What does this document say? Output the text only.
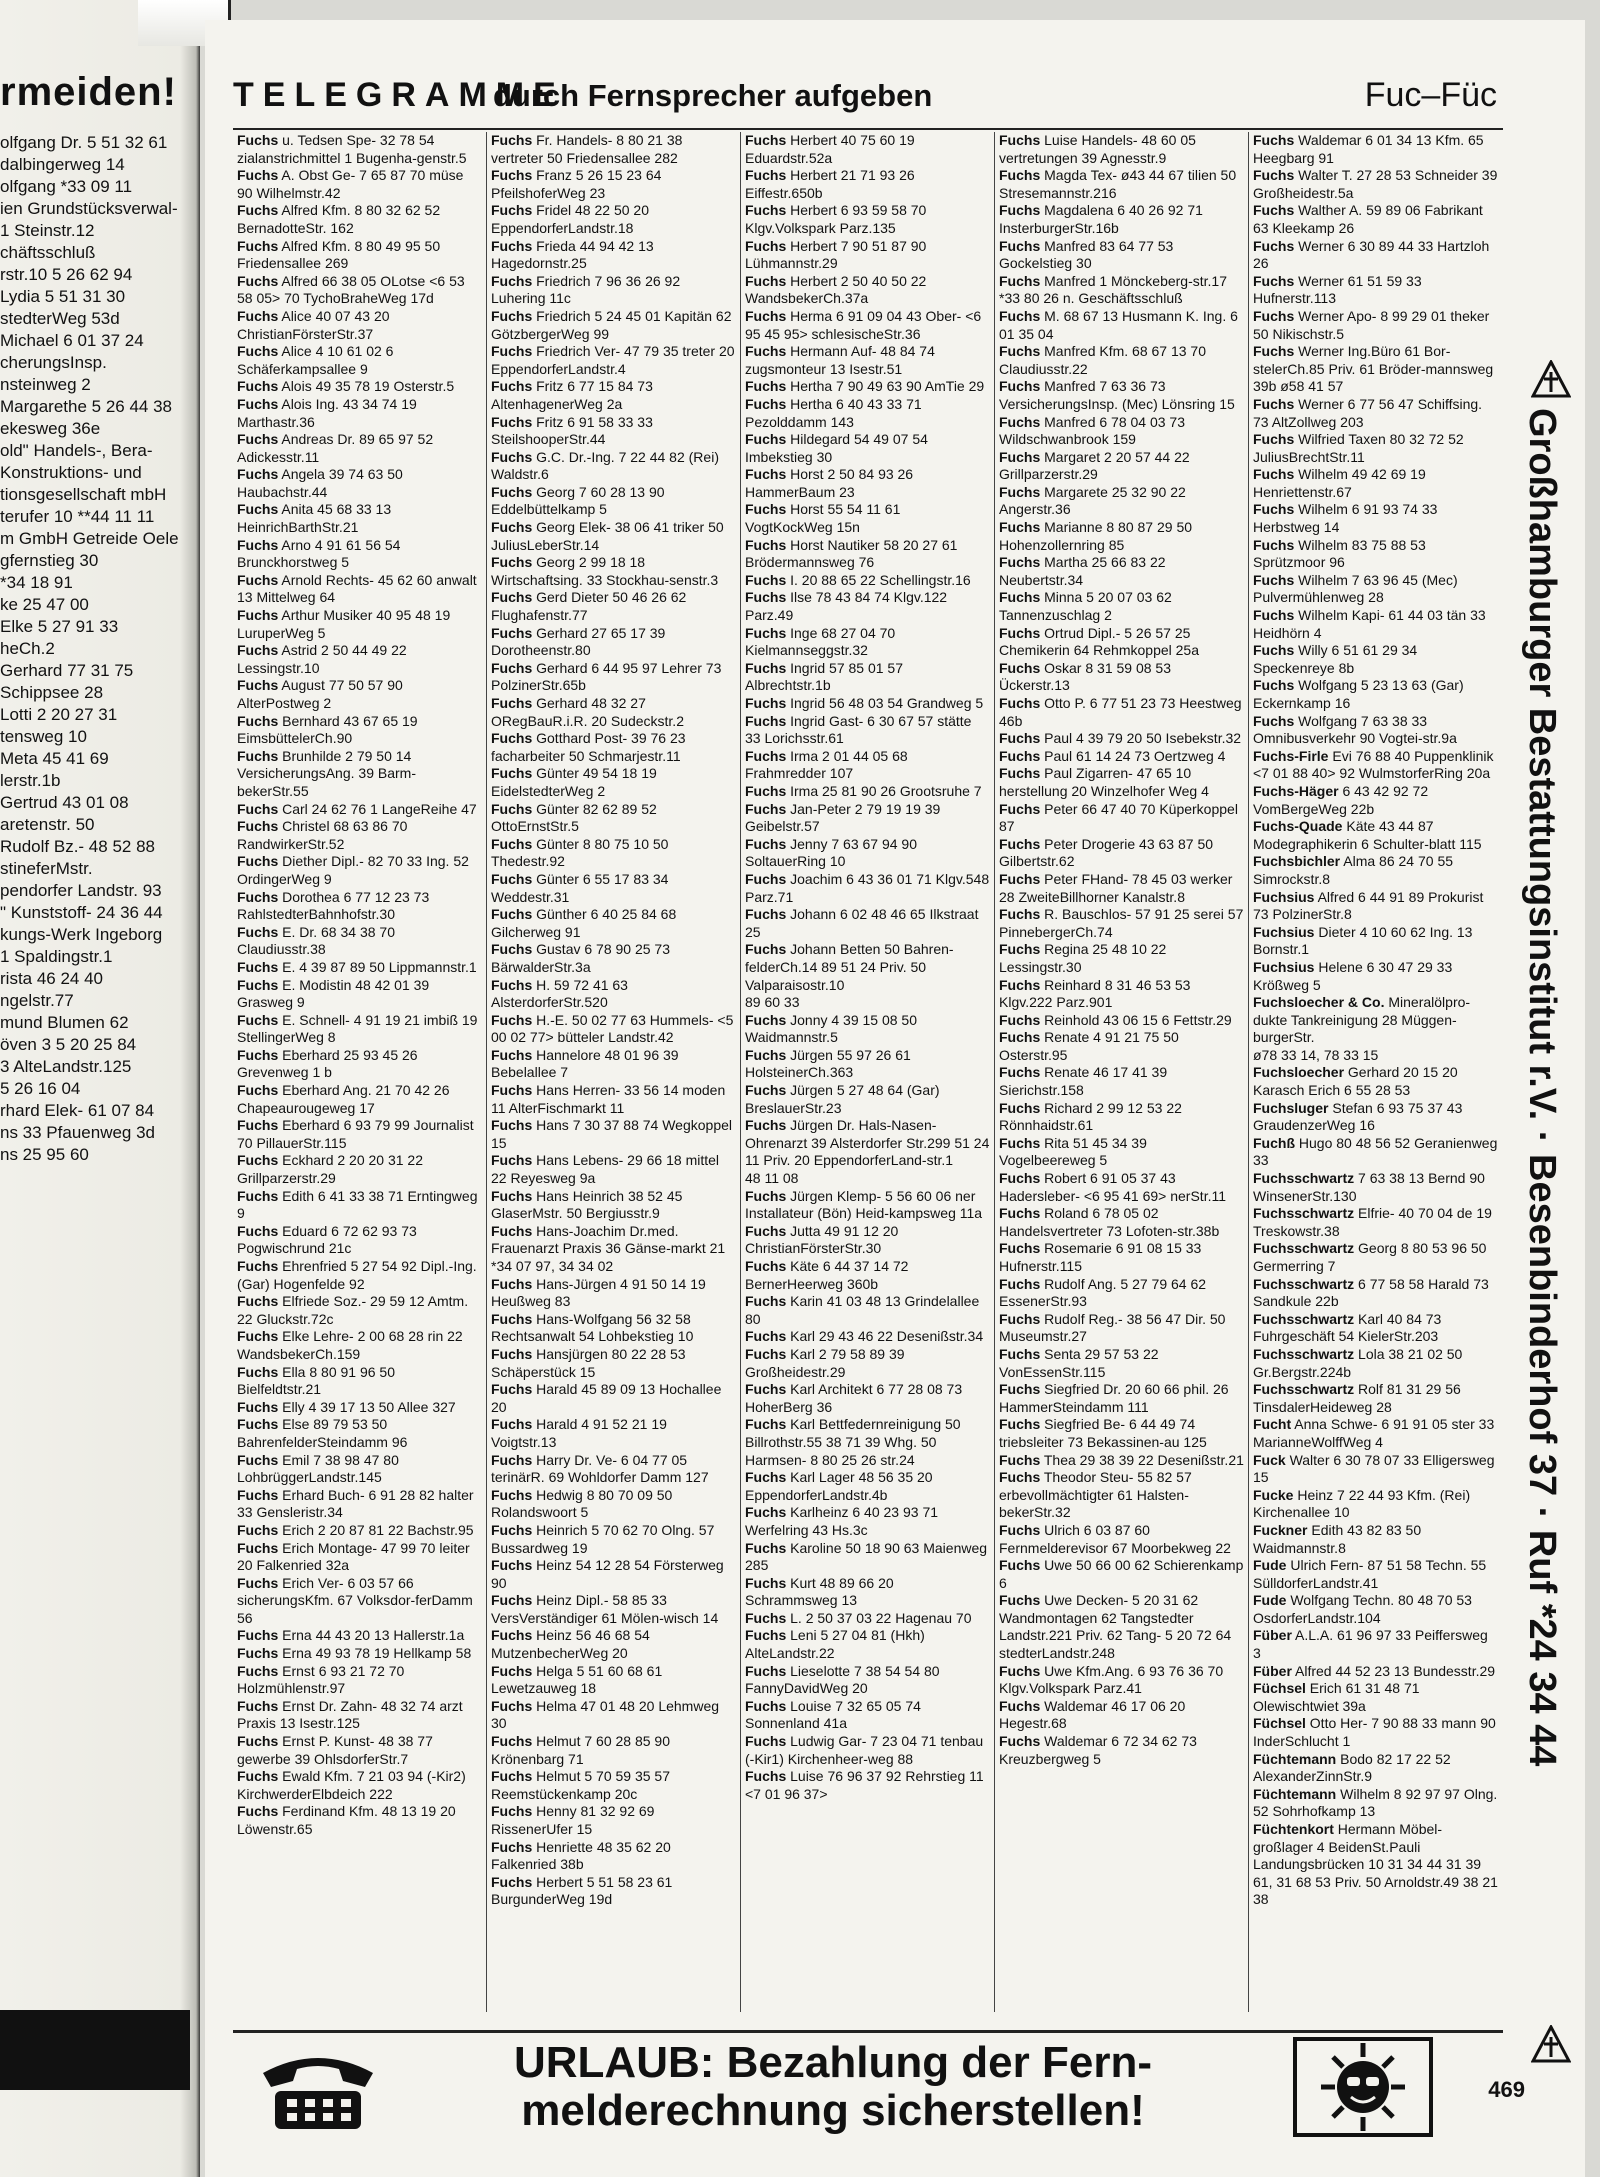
rmeiden!
olfgang Dr. 5 51 32 61
dalbingerweg 14
olfgang *33 09 11
ien Grundstücksverwal-
1 Steinstr.12
chäftsschluß
rstr.10 5 26 62 94
Lydia 5 51 31 30
stedterWeg 53d
Michael 6 01 37 24
cherungsInsp.
nsteinweg 2
Margarethe 5 26 44 38
ekesweg 36e
old" Handels-, Bera-
Konstruktions- und
tionsgesellschaft mbH
terufer 10 **44 11 11
m GmbH Getreide Oele
gfernstieg 30
*34 18 91
ke 25 47 00
Elke 5 27 91 33
heCh.2
Gerhard 77 31 75
Schippsee 28
Lotti 2 20 27 31
tensweg 10
Meta 45 41 69
lerstr.1b
Gertrud 43 01 08
aretenstr. 50
Rudolf Bz.- 48 52 88
stineferMstr.
pendorfer Landstr. 93
" Kunststoff- 24 36 44
kungs-Werk Ingeborg
1 Spaldingstr.1
rista 46 24 40
ngelstr.77
mund Blumen 62
öven 3 5 20 25 84
3 AlteLandstr.125
5 26 16 04
rhard Elek- 61 07 84
ns 33 Pfauenweg 3d
ns 25 95 60
TELEGRAMME
durch Fernsprecher aufgeben	Fuc–Füc
Fuchs u. Tedsen Spe- 32 78 54 zialanstrichmittel 1 Bugenha-genstr.5
Fuchs A. Obst Ge- 7 65 87 70 müse 90 Wilhelmstr.42
Fuchs Alfred Kfm. 8 80 32 62 52 BernadotteStr. 162
Fuchs Alfred Kfm. 8 80 49 95 50 Friedensallee 269
Fuchs Alfred 66 38 05 OLotse <6 53 58 05> 70 TychoBraheWeg 17d
Fuchs Alice 40 07 43 20 ChristianFörsterStr.37
Fuchs Alice 4 10 61 02 6 Schäferkampsallee 9
Fuchs Alois 49 35 78 19 Osterstr.5
Fuchs Alois Ing. 43 34 74 19 Marthastr.36
Fuchs Andreas Dr. 89 65 97 52 Adickesstr.11
Fuchs Angela 39 74 63 50 Haubachstr.44
Fuchs Anita 45 68 33 13 HeinrichBarthStr.21
Fuchs Arno 4 91 61 56 54 Brunckhorstweg 5
Fuchs Arnold Rechts- 45 62 60 anwalt 13 Mittelweg 64
Fuchs Arthur Musiker 40 95 48 19 LuruperWeg 5
Fuchs Astrid 2 50 44 49 22 Lessingstr.10
Fuchs August 77 50 57 90 AlterPostweg 2
Fuchs Bernhard 43 67 65 19 EimsbüttelerCh.90
Fuchs Brunhilde 2 79 50 14 VersicherungsAng. 39 Barm-bekerStr.55
Fuchs Carl 24 62 76 1 LangeReihe 47
Fuchs Christel 68 63 86 70 RandwirkerStr.52
Fuchs Diether Dipl.- 82 70 33 Ing. 52 OrdingerWeg 9
Fuchs Dorothea 6 77 12 23 73 RahlstedterBahnhofstr.30
Fuchs E. Dr. 68 34 38 70 Claudiusstr.38
Fuchs E. 4 39 87 89 50 Lippmannstr.1
Fuchs E. Modistin 48 42 01 39 Grasweg 9
Fuchs E. Schnell- 4 91 19 21 imbiß 19 StellingerWeg 8
Fuchs Eberhard 25 93 45 26 Grevenweg 1 b
Fuchs Eberhard Ang. 21 70 42 26 Chapeaurougeweg 17
Fuchs Eberhard 6 93 79 99 Journalist 70 PillauerStr.115
Fuchs Eckhard 2 20 20 31 22 Grillparzerstr.29
Fuchs Edith 6 41 33 38 71 Erntingweg 9
Fuchs Eduard 6 72 62 93 73 Pogwischrund 21c
Fuchs Ehrenfried 5 27 54 92 Dipl.-Ing. (Gar) Hogenfelde 92
Fuchs Elfriede Soz.- 29 59 12 Amtm. 22 Gluckstr.72c
Fuchs Elke Lehre- 2 00 68 28 rin 22 WandsbekerCh.159
Fuchs Ella 8 80 91 96 50 Bielfeldtstr.21
Fuchs Elly 4 39 17 13 50 Allee 327
Fuchs Else 89 79 53 50 BahrenfelderSteindamm 96
Fuchs Emil 7 38 98 47 80 LohbrüggerLandstr.145
Fuchs Erhard Buch- 6 91 28 82 halter 33 Gensleristr.34
Fuchs Erich 2 20 87 81 22 Bachstr.95
Fuchs Erich Montage- 47 99 70 leiter 20 Falkenried 32a
Fuchs Erich Ver- 6 03 57 66 sicherungsKfm. 67 Volksdor-ferDamm 56
Fuchs Erna 44 43 20 13 Hallerstr.1a
Fuchs Erna 49 93 78 19 Hellkamp 58
Fuchs Ernst 6 93 21 72 70 Holzmühlenstr.97
Fuchs Ernst Dr. Zahn- 48 32 74 arzt Praxis 13 Isestr.125
Fuchs Ernst P. Kunst- 48 38 77 gewerbe 39 OhlsdorferStr.7
Fuchs Ewald Kfm. 7 21 03 94 (-Kir2) KirchwerderElbdeich 222
Fuchs Ferdinand Kfm. 48 13 19 20 Löwenstr.65
Fuchs Fr. Handels- 8 80 21 38 vertreter 50 Friedensallee 282
Fuchs Franz 5 26 15 23 64 PfeilshoferWeg 23
Fuchs Fridel 48 22 50 20 EppendorferLandstr.18
Fuchs Frieda 44 94 42 13 Hagedornstr.25
Fuchs Friedrich 7 96 36 26 92 Luhering 11c
Fuchs Friedrich 5 24 45 01 Kapitän 62 GötzbergerWeg 99
Fuchs Friedrich Ver- 47 79 35 treter 20 EppendorferLandstr.4
Fuchs Fritz 6 77 15 84 73 AltenhagenerWeg 2a
Fuchs Fritz 6 91 58 33 33 SteilshooperStr.44
Fuchs G.C. Dr.-Ing. 7 22 44 82 (Rei) Waldstr.6
Fuchs Georg 7 60 28 13 90 Eddelbüttelkamp 5
Fuchs Georg Elek- 38 06 41 triker 50 JuliusLeberStr.14
Fuchs Georg 2 99 18 18 Wirtschaftsing. 33 Stockhau-senstr.3
Fuchs Gerd Dieter 50 46 26 62 Flughafenstr.77
Fuchs Gerhard 27 65 17 39 Dorotheenstr.80
Fuchs Gerhard 6 44 95 97 Lehrer 73 PolzinerStr.65b
Fuchs Gerhard 48 32 27 ORegBauR.i.R. 20 Sudeckstr.2
Fuchs Gotthard Post- 39 76 23 facharbeiter 50 Schmarjestr.11
Fuchs Günter 49 54 18 19 EidelstedterWeg 2
Fuchs Günter 82 62 89 52 OttoErnstStr.5
Fuchs Günter 8 80 75 10 50 Thedestr.92
Fuchs Günter 6 55 17 83 34 Weddestr.31
Fuchs Günther 6 40 25 84 68 Gilcherweg 91
Fuchs Gustav 6 78 90 25 73 BärwalderStr.3a
Fuchs H. 59 72 41 63 AlsterdorferStr.520
Fuchs H.-E. 50 02 77 63 Hummels- <5 00 02 77> bütteler Landstr.42
Fuchs Hannelore 48 01 96 39 Bebelallee 7
Fuchs Hans Herren- 33 56 14 moden 11 AlterFischmarkt 11
Fuchs Hans 7 30 37 88 74 Wegkoppel 15
Fuchs Hans Lebens- 29 66 18 mittel 22 Reyesweg 9a
Fuchs Hans Heinrich 38 52 45 GlaserMstr. 50 Bergiusstr.9
Fuchs Hans-Joachim Dr.med. Frauenarzt Praxis 36 Gänse-markt 21
*34 07 97, 34 34 02
Fuchs Hans-Jürgen 4 91 50 14 19 Heußweg 83
Fuchs Hans-Wolfgang 56 32 58 Rechtsanwalt 54 Lohbekstieg 10
Fuchs Hansjürgen 80 22 28 53 Schäperstück 15
Fuchs Harald 45 89 09 13 Hochallee 20
Fuchs Harald 4 91 52 21 19 Voigtstr.13
Fuchs Harry Dr. Ve- 6 04 77 05 terinärR. 69 Wohldorfer Damm 127
Fuchs Hedwig 8 80 70 09 50 Rolandswoort 5
Fuchs Heinrich 5 70 62 70 Olng. 57 Bussardweg 19
Fuchs Heinz 54 12 28 54 Försterweg 90
Fuchs Heinz Dipl.- 58 85 33 VersVerständiger 61 Mölen-wisch 14
Fuchs Heinz 56 46 68 54 MutzenbecherWeg 20
Fuchs Helga 5 51 60 68 61 Lewetzauweg 18
Fuchs Helma 47 01 48 20 Lehmweg 30
Fuchs Helmut 7 60 28 85 90 Krönenbarg 71
Fuchs Helmut 5 70 59 35 57 Reemstückenkamp 20c
Fuchs Henny 81 32 92 69 RissenerUfer 15
Fuchs Henriette 48 35 62 20 Falkenried 38b
Fuchs Herbert 5 51 58 23 61 BurgunderWeg 19d
Fuchs Herbert 40 75 60 19 Eduardstr.52a
Fuchs Herbert 21 71 93 26 Eiffestr.650b
Fuchs Herbert 6 93 59 58 70 Klgv.Volkspark Parz.135
Fuchs Herbert 7 90 51 87 90 Lühmannstr.29
Fuchs Herbert 2 50 40 50 22 WandsbekerCh.37a
Fuchs Herma 6 91 09 04 43 Ober- <6 95 45 95> schlesischeStr.36
Fuchs Hermann Auf- 48 84 74 zugsmonteur 13 Isestr.51
Fuchs Hertha 7 90 49 63 90 AmTie 29
Fuchs Hertha 6 40 43 33 71 Pezolddamm 143
Fuchs Hildegard 54 49 07 54 Imbekstieg 30
Fuchs Horst 2 50 84 93 26 HammerBaum 23
Fuchs Horst 55 54 11 61 VogtKockWeg 15n
Fuchs Horst Nautiker 58 20 27 61 Brödermannsweg 76
Fuchs I. 20 88 65 22 Schellingstr.16
Fuchs Ilse 78 43 84 74 Klgv.122 Parz.49
Fuchs Inge 68 27 04 70 Kielmannseggstr.32
Fuchs Ingrid 57 85 01 57 Albrechtstr.1b
Fuchs Ingrid 56 48 03 54 Grandweg 5
Fuchs Ingrid Gast- 6 30 67 57 stätte 33 Lorichsstr.61
Fuchs Irma 2 01 44 05 68 Frahmredder 107
Fuchs Irma 25 81 90 26 Grootsruhe 7
Fuchs Jan-Peter 2 79 19 19 39 Geibelstr.57
Fuchs Jenny 7 63 67 94 90 SoltauerRing 10
Fuchs Joachim 6 43 36 01 71 Klgv.548 Parz.71
Fuchs Johann 6 02 48 46 65 Ilkstraat 25
Fuchs Johann Betten 50 Bahren-felderCh.14 89 51 24 Priv. 50 Valparaisostr.10
89 60 33
Fuchs Jonny 4 39 15 08 50 Waidmannstr.5
Fuchs Jürgen 55 97 26 61 HolsteinerCh.363
Fuchs Jürgen 5 27 48 64 (Gar) BreslauerStr.23
Fuchs Jürgen Dr. Hals-Nasen-Ohrenarzt 39 Alsterdorfer Str.299 51 24 11 Priv. 20 EppendorferLand-str.1
48 11 08
Fuchs Jürgen Klemp- 5 56 60 06 ner Installateur (Bön) Heid-kampsweg 11a
Fuchs Jutta 49 91 12 20 ChristianFörsterStr.30
Fuchs Käte 6 44 37 14 72 BernerHeerweg 360b
Fuchs Karin 41 03 48 13 Grindelallee 80
Fuchs Karl 29 43 46 22 Desenißstr.34
Fuchs Karl 2 79 58 89 39 Großheidestr.29
Fuchs Karl Architekt 6 77 28 08 73 HoherBerg 36
Fuchs Karl Bettfedernreinigung 50 Billrothstr.55 38 71 39 Whg. 50 Harmsen- 8 80 25 26 str.24
Fuchs Karl Lager 48 56 35 20 EppendorferLandstr.4b
Fuchs Karlheinz 6 40 23 93 71 Werfelring 43 Hs.3c
Fuchs Karoline 50 18 90 63 Maienweg 285
Fuchs Kurt 48 89 66 20 Schrammsweg 13
Fuchs L. 2 50 37 03 22 Hagenau 70
Fuchs Leni 5 27 04 81 (Hkh) AlteLandstr.22
Fuchs Lieselotte 7 38 54 54 80 FannyDavidWeg 20
Fuchs Louise 7 32 65 05 74 Sonnenland 41a
Fuchs Ludwig Gar- 7 23 04 71 tenbau (-Kir1) Kirchenheer-weg 88
Fuchs Luise 76 96 37 92 Rehrstieg 11 <7 01 96 37>
Fuchs Luise Handels- 48 60 05 vertretungen 39 Agnesstr.9
Fuchs Magda Tex- ø43 44 67 tilien 50 Stresemannstr.216
Fuchs Magdalena 6 40 26 92 71 InsterburgerStr.16b
Fuchs Manfred 83 64 77 53 Gockelstieg 30
Fuchs Manfred 1 Mönckeberg-str.17 *33 80 26 n. Geschäftsschluß
Fuchs M. 68 67 13 Husmann K. Ing. 6 01 35 04
Fuchs Manfred Kfm. 68 67 13 70 Claudiusstr.22
Fuchs Manfred 7 63 36 73 VersicherungsInsp. (Mec) Lönsring 15
Fuchs Manfred 6 78 04 03 73 Wildschwanbrook 159
Fuchs Margaret 2 20 57 44 22 Grillparzerstr.29
Fuchs Margarete 25 32 90 22 Angerstr.36
Fuchs Marianne 8 80 87 29 50 Hohenzollernring 85
Fuchs Martha 25 66 83 22 Neubertstr.34
Fuchs Minna 5 20 07 03 62 Tannenzuschlag 2
Fuchs Ortrud Dipl.- 5 26 57 25 Chemikerin 64 Rehmkoppel 25a
Fuchs Oskar 8 31 59 08 53 Ückerstr.13
Fuchs Otto P. 6 77 51 23 73 Heestweg 46b
Fuchs Paul 4 39 79 20 50 Isebekstr.32
Fuchs Paul 61 14 24 73 Oertzweg 4
Fuchs Paul Zigarren- 47 65 10 herstellung 20 Winzelhofer Weg 4
Fuchs Peter 66 47 40 70 Küperkoppel 87
Fuchs Peter Drogerie 43 63 87 50 Gilbertstr.62
Fuchs Peter FHand- 78 45 03 werker 28 ZweiteBillhorner Kanalstr.8
Fuchs R. Bauschlos- 57 91 25 serei 57 PinnebergerCh.74
Fuchs Regina 25 48 10 22 Lessingstr.30
Fuchs Reinhard 8 31 46 53 53 Klgv.222 Parz.901
Fuchs Reinhold 43 06 15 6 Fettstr.29
Fuchs Renate 4 91 21 75 50 Osterstr.95
Fuchs Renate 46 17 41 39 Sierichstr.158
Fuchs Richard 2 99 12 53 22 Rönnhaidstr.61
Fuchs Rita 51 45 34 39 Vogelbeereweg 5
Fuchs Robert 6 91 05 37 43 Hadersleber- <6 95 41 69> nerStr.11
Fuchs Roland 6 78 05 02 Handelsvertreter 73 Lofoten-str.38b
Fuchs Rosemarie 6 91 08 15 33 Hufnerstr.115
Fuchs Rudolf Ang. 5 27 79 64 62 EssenerStr.93
Fuchs Rudolf Reg.- 38 56 47 Dir. 50 Museumstr.27
Fuchs Senta 29 57 53 22 VonEssenStr.115
Fuchs Siegfried Dr. 20 60 66 phil. 26 HammerSteindamm 111
Fuchs Siegfried Be- 6 44 49 74 triebsleiter 73 Bekassinen-au 125
Fuchs Thea 29 38 39 22 Desenißstr.21
Fuchs Theodor Steu- 55 82 57 erbevollmächtigter 61 Halsten-bekerStr.32
Fuchs Ulrich 6 03 87 60 Fernmelderevisor 67 Moorbekweg 22
Fuchs Uwe 50 66 00 62 Schierenkamp 6
Fuchs Uwe Decken- 5 20 31 62 Wandmontagen 62 Tangstedter Landstr.221 Priv. 62 Tang- 5 20 72 64 stedterLandstr.248
Fuchs Uwe Kfm.Ang. 6 93 76 36 70 Klgv.Volkspark Parz.41
Fuchs Waldemar 46 17 06 20 Hegestr.68
Fuchs Waldemar 6 72 34 62 73 Kreuzbergweg 5
Fuchs Waldemar 6 01 34 13 Kfm. 65 Heegbarg 91
Fuchs Walter T. 27 28 53 Schneider 39 Großheidestr.5a
Fuchs Walther A. 59 89 06 Fabrikant 63 Kleekamp 26
Fuchs Werner 6 30 89 44 33 Hartzloh 26
Fuchs Werner 61 51 59 33 Hufnerstr.113
Fuchs Werner Apo- 8 99 29 01 theker 50 Nikischstr.5
Fuchs Werner Ing.Büro 61 Bor-stelerCh.85 Priv. 61 Bröder-mannsweg 39b ø58 41 57
Fuchs Werner 6 77 56 47 Schiffsing. 73 AltZollweg 203
Fuchs Wilfried Taxen 80 32 72 52 JuliusBrechtStr.11
Fuchs Wilhelm 49 42 69 19 Henriettenstr.67
Fuchs Wilhelm 6 91 93 74 33 Herbstweg 14
Fuchs Wilhelm 83 75 88 53 Sprützmoor 96
Fuchs Wilhelm 7 63 96 45 (Mec) Pulvermühlenweg 28
Fuchs Wilhelm Kapi- 61 44 03 tän 33 Heidhörn 4
Fuchs Willy 6 51 61 29 34 Speckenreye 8b
Fuchs Wolfgang 5 23 13 63 (Gar) Eckernkamp 16
Fuchs Wolfgang 7 63 38 33 Omnibusverkehr 90 Vogtei-str.9a
Fuchs-Firle Evi 76 88 40 Puppenklinik <7 01 88 40> 92 WulmstorferRing 20a
Fuchs-Häger 6 43 42 92 72 VomBergeWeg 22b
Fuchs-Quade Käte 43 44 87 Modegraphikerin 6 Schulter-blatt 115
Fuchsbichler Alma 86 24 70 55 Simrockstr.8
Fuchsius Alfred 6 44 91 89 Prokurist 73 PolzinerStr.8
Fuchsius Dieter 4 10 60 62 Ing. 13 Bornstr.1
Fuchsius Helene 6 30 47 29 33 Krößweg 5
Fuchsloecher & Co. Mineralölpro-dukte Tankreinigung 28 Müggen-burgerStr.
ø78 33 14, 78 33 15
Fuchsloecher Gerhard 20 15 20 Karasch Erich 6 55 28 53
Fuchsluger Stefan 6 93 75 37 43 GraudenzerWeg 16
Fuchß Hugo 80 48 56 52 Geranienweg 33
Fuchsschwartz 7 63 38 13 Bernd 90 WinsenerStr.130
Fuchsschwartz Elfrie- 40 70 04 de 19 Treskowstr.38
Fuchsschwartz Georg 8 80 53 96 50 Germerring 7
Fuchsschwartz 6 77 58 58 Harald 73 Sandkule 22b
Fuchsschwartz Karl 40 84 73 Fuhrgeschäft 54 KielerStr.203
Fuchsschwartz Lola 38 21 02 50 Gr.Bergstr.224b
Fuchsschwartz Rolf 81 31 29 56 TinsdalerHeideweg 28
Fucht Anna Schwe- 6 91 91 05 ster 33 MarianneWolffWeg 4
Fuck Walter 6 30 78 07 33 Elligersweg 15
Fucke Heinz 7 22 44 93 Kfm. (Rei) Kirchenallee 10
Fuckner Edith 43 82 83 50 Waidmannstr.8
Fude Ulrich Fern- 87 51 58 Techn. 55 SülldorferLandstr.41
Fude Wolfgang Techn. 80 48 70 53 OsdorferLandstr.104
Füber A.L.A. 61 96 97 33 Peiffersweg 3
Füber Alfred 44 52 23 13 Bundesstr.29
Füchsel Erich 61 31 48 71 Olewischtwiet 39a
Füchsel Otto Her- 7 90 88 33 mann 90 InderSchlucht 1
Füchtemann Bodo 82 17 22 52 AlexanderZinnStr.9
Füchtemann Wilhelm 8 92 97 97 Olng. 52 Sohrhofkamp 13
Füchtenkort Hermann Möbel-großlager 4 BeidenSt.Pauli Landungsbrücken 10 31 34 44 31 39 61, 31 68 53 Priv. 50 Arnoldstr.49 38 21 38
Großhamburger Bestattungsinstitut r.V. · Besenbinderhof 37 · Ruf *24 34 44
URLAUB: Bezahlung der Fern-
melderechnung sicherstellen!	469
